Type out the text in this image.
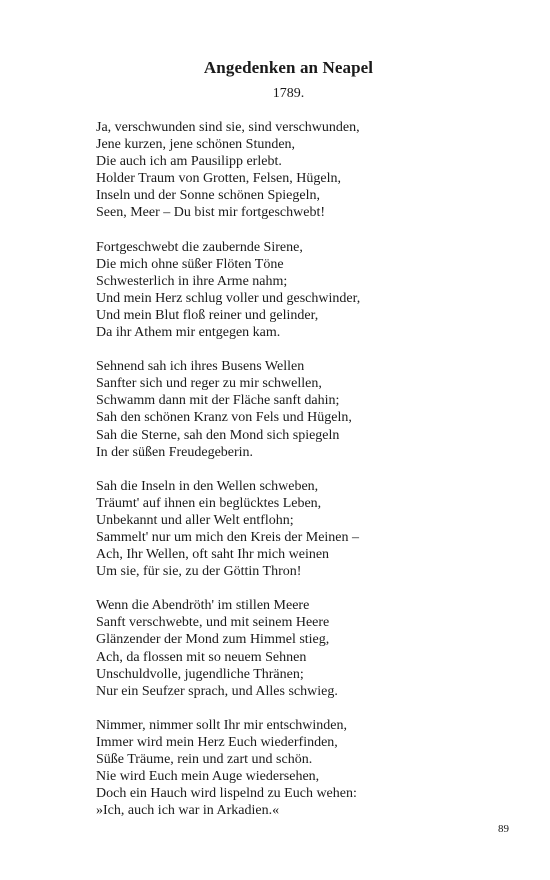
Angedenken an Neapel
1789.
Ja, verschwunden sind sie, sind verschwunden,
Jene kurzen, jene schönen Stunden,
Die auch ich am Pausilipp erlebt.
Holder Traum von Grotten, Felsen, Hügeln,
Inseln und der Sonne schönen Spiegeln,
Seen, Meer – Du bist mir fortgeschwebt!
Fortgeschwebt die zaubernde Sirene,
Die mich ohne süßer Flöten Töne
Schwesterlich in ihre Arme nahm;
Und mein Herz schlug voller und geschwinder,
Und mein Blut floß reiner und gelinder,
Da ihr Athem mir entgegen kam.
Sehnend sah ich ihres Busens Wellen
Sanfter sich und reger zu mir schwellen,
Schwamm dann mit der Fläche sanft dahin;
Sah den schönen Kranz von Fels und Hügeln,
Sah die Sterne, sah den Mond sich spiegeln
In der süßen Freudegeberin.
Sah die Inseln in den Wellen schweben,
Träumt' auf ihnen ein beglücktes Leben,
Unbekannt und aller Welt entflohn;
Sammelt' nur um mich den Kreis der Meinen –
Ach, Ihr Wellen, oft saht Ihr mich weinen
Um sie, für sie, zu der Göttin Thron!
Wenn die Abendröth' im stillen Meere
Sanft verschwebte, und mit seinem Heere
Glänzender der Mond zum Himmel stieg,
Ach, da flossen mit so neuem Sehnen
Unschuldvolle, jugendliche Thränen;
Nur ein Seufzer sprach, und Alles schwieg.
Nimmer, nimmer sollt Ihr mir entschwinden,
Immer wird mein Herz Euch wiederfinden,
Süße Träume, rein und zart und schön.
Nie wird Euch mein Auge wiedersehen,
Doch ein Hauch wird lispelnd zu Euch wehen:
»Ich, auch ich war in Arkadien.«
89
